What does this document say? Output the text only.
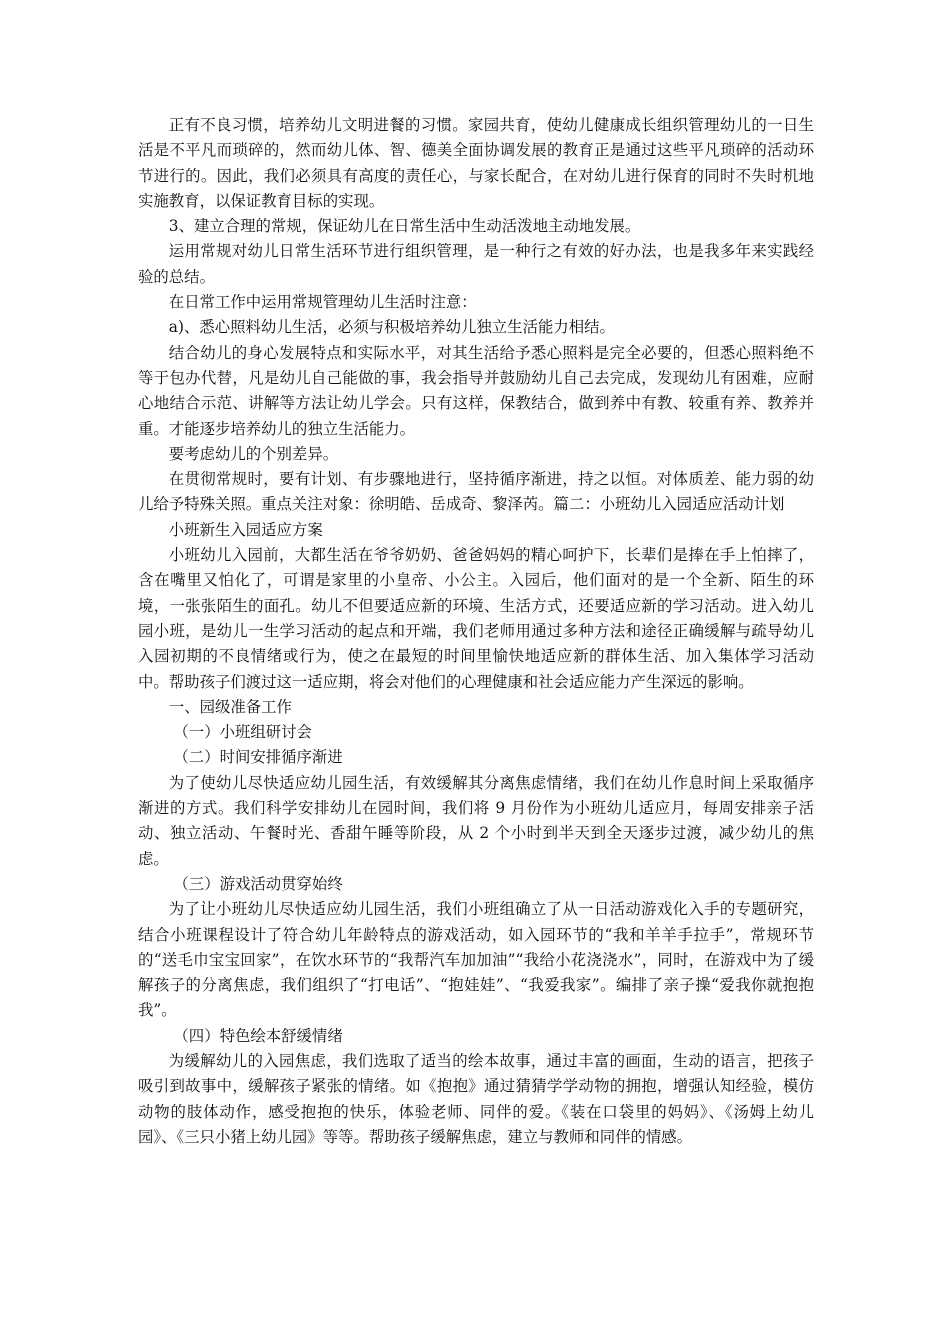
正有不良习惯，培养幼儿文明进餐的习惯。家园共育，使幼儿健康成长组织管理幼儿的一日生活是不平凡而琐碎的，然而幼儿体、智、德美全面协调发展的教育正是通过这些平凡琐碎的活动环节进行的。因此，我们必须具有高度的责任心，与家长配合，在对幼儿进行保育的同时不失时机地实施教育，以保证教育目标的实现。

3、建立合理的常规，保证幼儿在日常生活中生动活泼地主动地发展。

运用常规对幼儿日常生活环节进行组织管理，是一种行之有效的好办法，也是我多年来实践经验的总结。

在日常工作中运用常规管理幼儿生活时注意：

a)、悉心照料幼儿生活，必须与积极培养幼儿独立生活能力相结。

结合幼儿的身心发展特点和实际水平，对其生活给予悉心照料是完全必要的，但悉心照料绝不等于包办代替，凡是幼儿自己能做的事，我会指导并鼓励幼儿自己去完成，发现幼儿有困难，应耐心地结合示范、讲解等方法让幼儿学会。只有这样，保教结合，做到养中有教、较重有养、教养并重。才能逐步培养幼儿的独立生活能力。

要考虑幼儿的个别差异。

在贯彻常规时，要有计划、有步骤地进行，坚持循序渐进，持之以恒。对体质差、能力弱的幼儿给予特殊关照。重点关注对象：徐明皓、岳成奇、黎泽芮。篇二：小班幼儿入园适应活动计划

小班新生入园适应方案

小班幼儿入园前，大都生活在爷爷奶奶、爸爸妈妈的精心呵护下，长辈们是捧在手上怕摔了，含在嘴里又怕化了，可谓是家里的小皇帝、小公主。入园后，他们面对的是一个全新、陌生的环境，一张张陌生的面孔。幼儿不但要适应新的环境、生活方式，还要适应新的学习活动。进入幼儿园小班，是幼儿一生学习活动的起点和开端，我们老师用通过多种方法和途径正确缓解与疏导幼儿入园初期的不良情绪或行为，使之在最短的时间里愉快地适应新的群体生活、加入集体学习活动中。帮助孩子们渡过这一适应期，将会对他们的心理健康和社会适应能力产生深远的影响。

一、园级准备工作

（一）小班组研讨会

（二）时间安排循序渐进

为了使幼儿尽快适应幼儿园生活，有效缓解其分离焦虑情绪，我们在幼儿作息时间上采取循序渐进的方式。我们科学安排幼儿在园时间，我们将 9 月份作为小班幼儿适应月，每周安排亲子活动、独立活动、午餐时光、香甜午睡等阶段，从 2 个小时到半天到全天逐步过渡，减少幼儿的焦虑。

（三）游戏活动贯穿始终

为了让小班幼儿尽快适应幼儿园生活，我们小班组确立了从一日活动游戏化入手的专题研究，结合小班课程设计了符合幼儿年龄特点的游戏活动，如入园环节的“我和羊羊手拉手”，常规环节的“送毛巾宝宝回家”，在饮水环节的“我帮汽车加加油”“我给小花浇浇水”，同时，在游戏中为了缓解孩子的分离焦虑，我们组织了“打电话”、“抱娃娃”、“我爱我家”。编排了亲子操“爱我你就抱抱我”。

（四）特色绘本舒缓情绪

为缓解幼儿的入园焦虑，我们选取了适当的绘本故事，通过丰富的画面，生动的语言，把孩子吸引到故事中，缓解孩子紧张的情绪。如《抱抱》通过猜猜学学动物的拥抱，增强认知经验，模仿动物的肢体动作，感受抱抱的快乐，体验老师、同伴的爱。《装在口袋里的妈妈》、《汤姆上幼儿园》、《三只小猪上幼儿园》等等。帮助孩子缓解焦虑，建立与教师和同伴的情感。
